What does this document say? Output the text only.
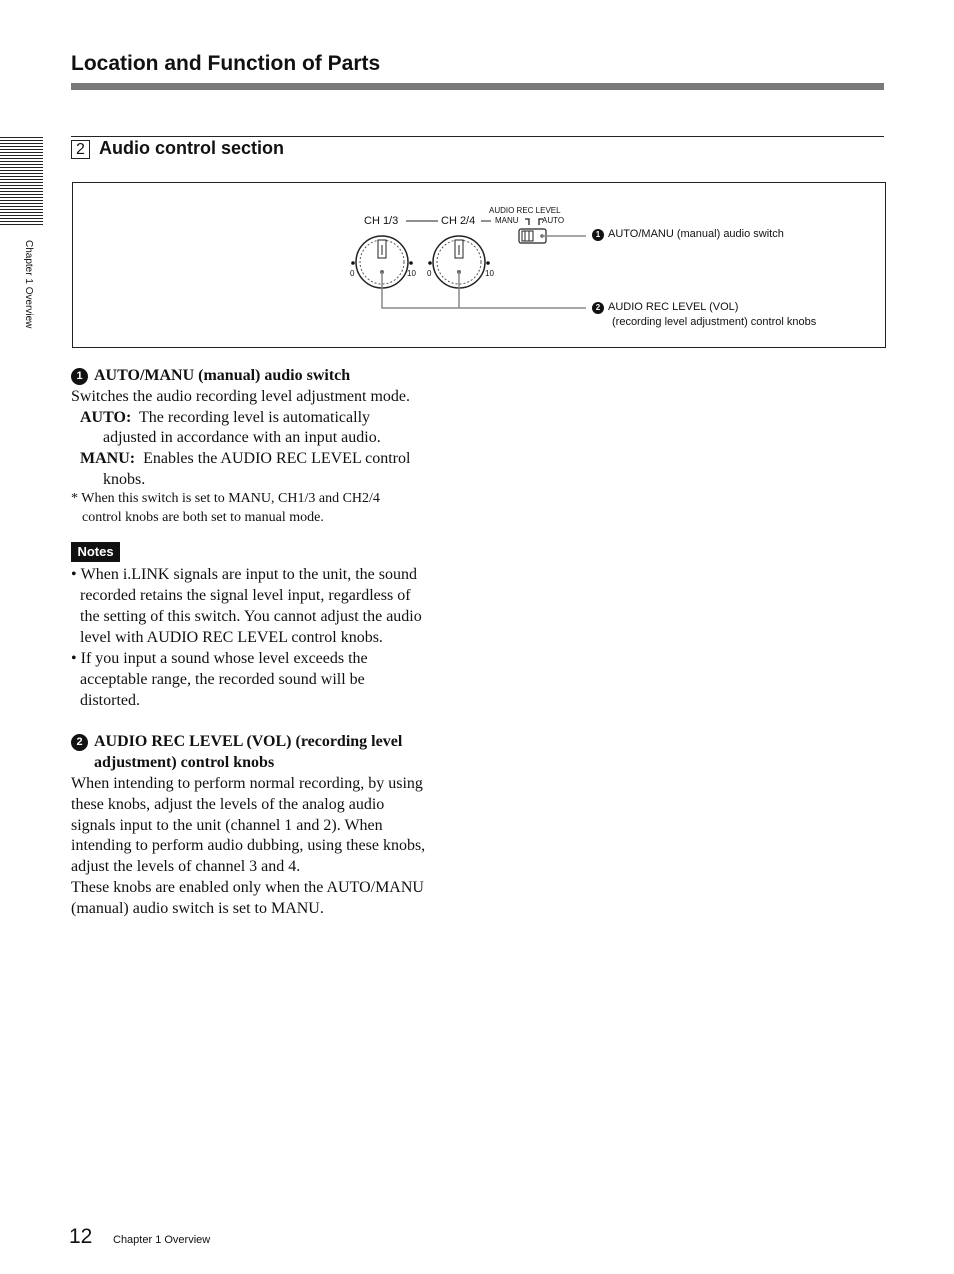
Location and Function of Parts
Chapter 1 Overview
2 Audio control section
CH 1/3	CH 2/4
AUDIO REC LEVEL
MANU	AUTO
0	10 0	10
1 AUTO/MANU (manual) audio switch
2 AUDIO REC LEVEL (VOL)
(recording level adjustment) control knobs
1 AUTO/MANU (manual) audio switch
Switches the audio recording level adjustment mode.
AUTO: The recording level is automatically
adjusted in accordance with an input audio.
MANU: Enables the AUDIO REC LEVEL control
knobs.
* When this switch is set to MANU, CH1/3 and CH2/4
control knobs are both set to manual mode.
Notes
• When i.LINK signals are input to the unit, the sound
recorded retains the signal level input, regardless of
the setting of this switch. You cannot adjust the audio
level with AUDIO REC LEVEL control knobs.
• If you input a sound whose level exceeds the
acceptable range, the recorded sound will be
distorted.
2 AUDIO REC LEVEL (VOL) (recording level
adjustment) control knobs
When intending to perform normal recording, by using
these knobs, adjust the levels of the analog audio
signals input to the unit (channel 1 and 2). When
intending to perform audio dubbing, using these knobs,
adjust the levels of channel 3 and 4.
These knobs are enabled only when the AUTO/MANU
(manual) audio switch is set to MANU.
12 Chapter 1 Overview
